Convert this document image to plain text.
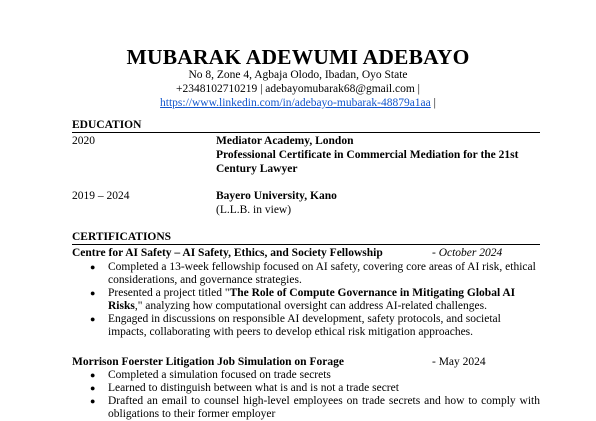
MUBARAK ADEWUMI ADEBAYO
No 8, Zone 4, Agbaja Olodo, Ibadan, Oyo State
+2348102710219 | adebayomubarak68@gmail.com |
https://www.linkedin.com/in/adebayo-mubarak-48879a1aa |
EDUCATION
2020	Mediator Academy, London
Professional Certificate in Commercial Mediation for the 21st Century Lawyer
2019 – 2024	Bayero University, Kano
(L.L.B. in view)
CERTIFICATIONS
Centre for AI Safety – AI Safety, Ethics, and Society Fellowship	- October 2024
● Completed a 13-week fellowship focused on AI safety, covering core areas of AI risk, ethical considerations, and governance strategies.
● Presented a project titled "The Role of Compute Governance in Mitigating Global AI Risks," analyzing how computational oversight can address AI-related challenges.
● Engaged in discussions on responsible AI development, safety protocols, and societal impacts, collaborating with peers to develop ethical risk mitigation approaches.
Morrison Foerster Litigation Job Simulation on Forage	- May 2024
● Completed a simulation focused on trade secrets
● Learned to distinguish between what is and is not a trade secret
● Drafted an email to counsel high-level employees on trade secrets and how to comply with obligations to their former employer
